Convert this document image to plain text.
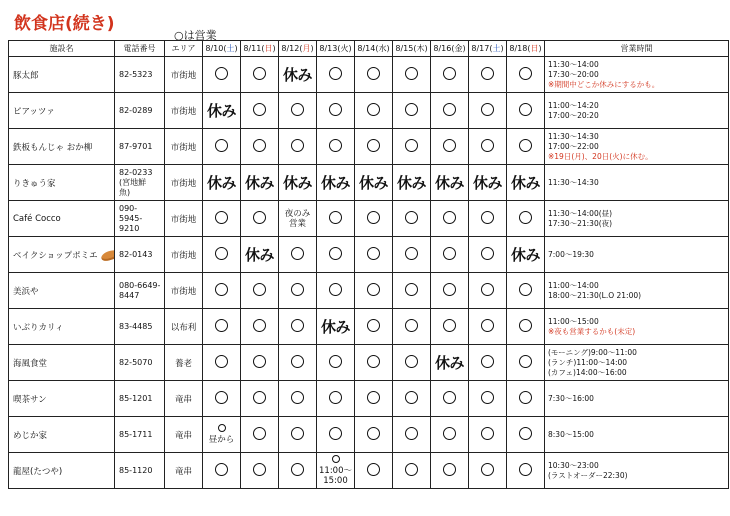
飲食店(続き)
○は営業
施設名	電話番号	エリア	8/10(土)	8/11(日)	8/12(月)	8/13(火)	8/14(水)	8/15(木)	8/16(金)	8/17(土)	8/18(日)	営業時間
豚太郎	82-5323	市街地			休み							11:30～14:00
17:30～20:00
※期間中どこか休みにするかも。

ピアッツァ	82-0289	市街地	休み									11:00～14:20
17:00～20:20

鉄板もんじゃ おか柳	87-9701	市街地										11:30～14:30
17:00～22:00
※19日(月)、20日(火)に休む。

りきゅう家	82-0233
(宮地鮮
魚)	市街地	休み	休み	休み	休み	休み	休み	休み	休み	休み	11:30～14:30

Café Cocco	090-
5945-
9210	市街地			夜のみ
営業							11:30～14:00(昼)
17:30～21:30(夜)

ベイクショップポミエ	82-0143	市街地		休み							休み	7:00～19:30

美浜や	080-6649-
8447	市街地										11:00～14:00
18:00～21:30(L.O 21:00)

いぶりカリィ	83-4485	以布利				休み						11:00～15:00
※夜も営業するかも(未定)

海風食堂	82-5070	養老							休み			(モーニング)9:00～11:00
(ランチ)11:00～14:00
(カフェ)14:00～16:00

喫茶サン	85-1201	竜串										7:30～16:00

めじか家	85-1711	竜串	昼から									8:30～15:00

龍屋(たつや)	85-1120	竜串				11:00～
15:00						10:30～23:00
(ラストオーダー22:30)
